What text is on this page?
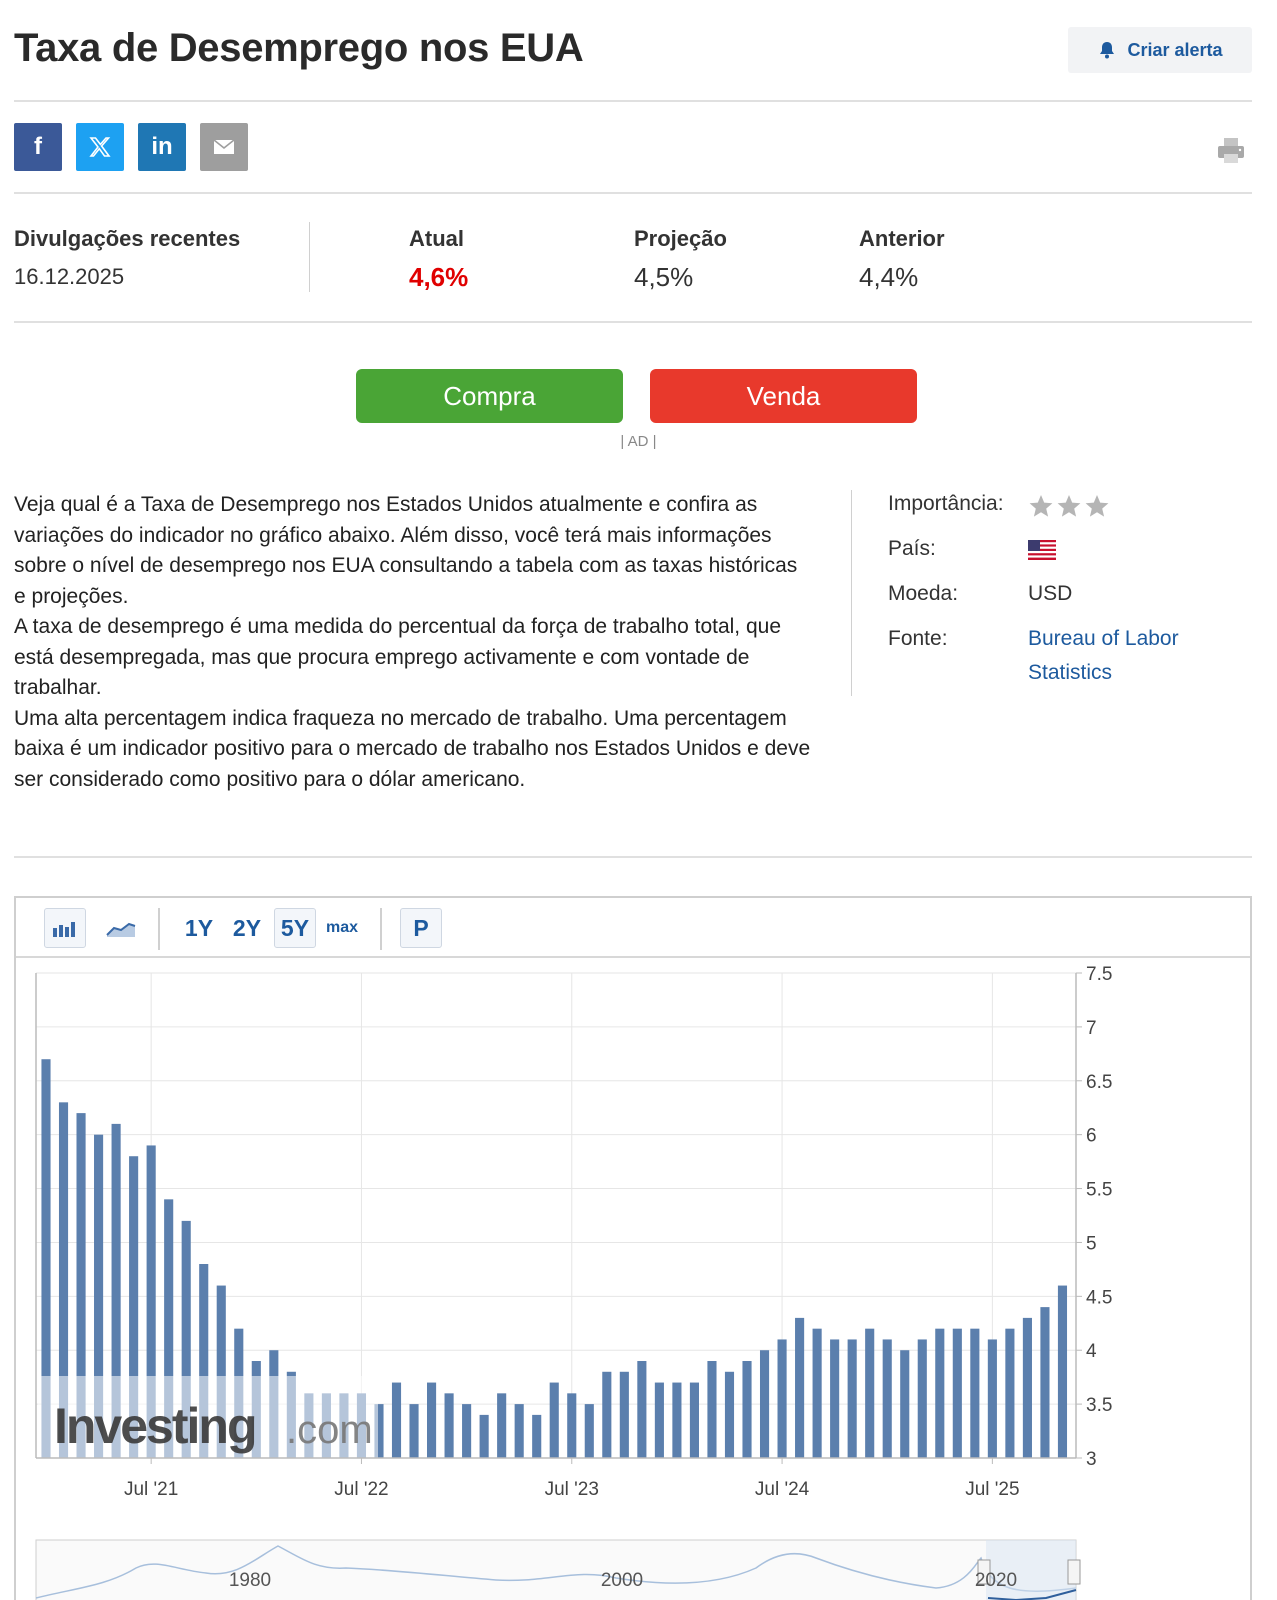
Taxa de Desemprego nos EUA	Criar alerta
f	in
Divulgações recentes
16.12.2025
Atual
4,6%
Projeção
4,5%
Anterior
4,4%
Compra	Venda
| AD |

Veja qual é a Taxa de Desemprego nos Estados Unidos atualmente e confira as variações do indicador no gráfico abaixo. Além disso, você terá mais informações sobre o nível de desemprego nos EUA consultando a tabela com as taxas históricas e projeções.

A taxa de desemprego é uma medida do percentual da força de trabalho total, que está desempregada, mas que procura emprego activamente e com vontade de trabalhar.

Uma alta percentagem indica fraqueza no mercado de trabalho. Uma percentagem baixa é um indicador positivo para o mercado de trabalho nos Estados Unidos e deve ser considerado como positivo para o dólar americano.

Importância:
País:
Moeda:	USD
Fonte:	Bureau of Labor
Statistics
1Y 2Y 5Y	max	P
Investing .com
7.5
7
6.5
6
5.5
5
4.5
4
3.5
3
Jul '21	Jul '22	Jul '23	Jul '24	Jul '25
1980	2000	2020
